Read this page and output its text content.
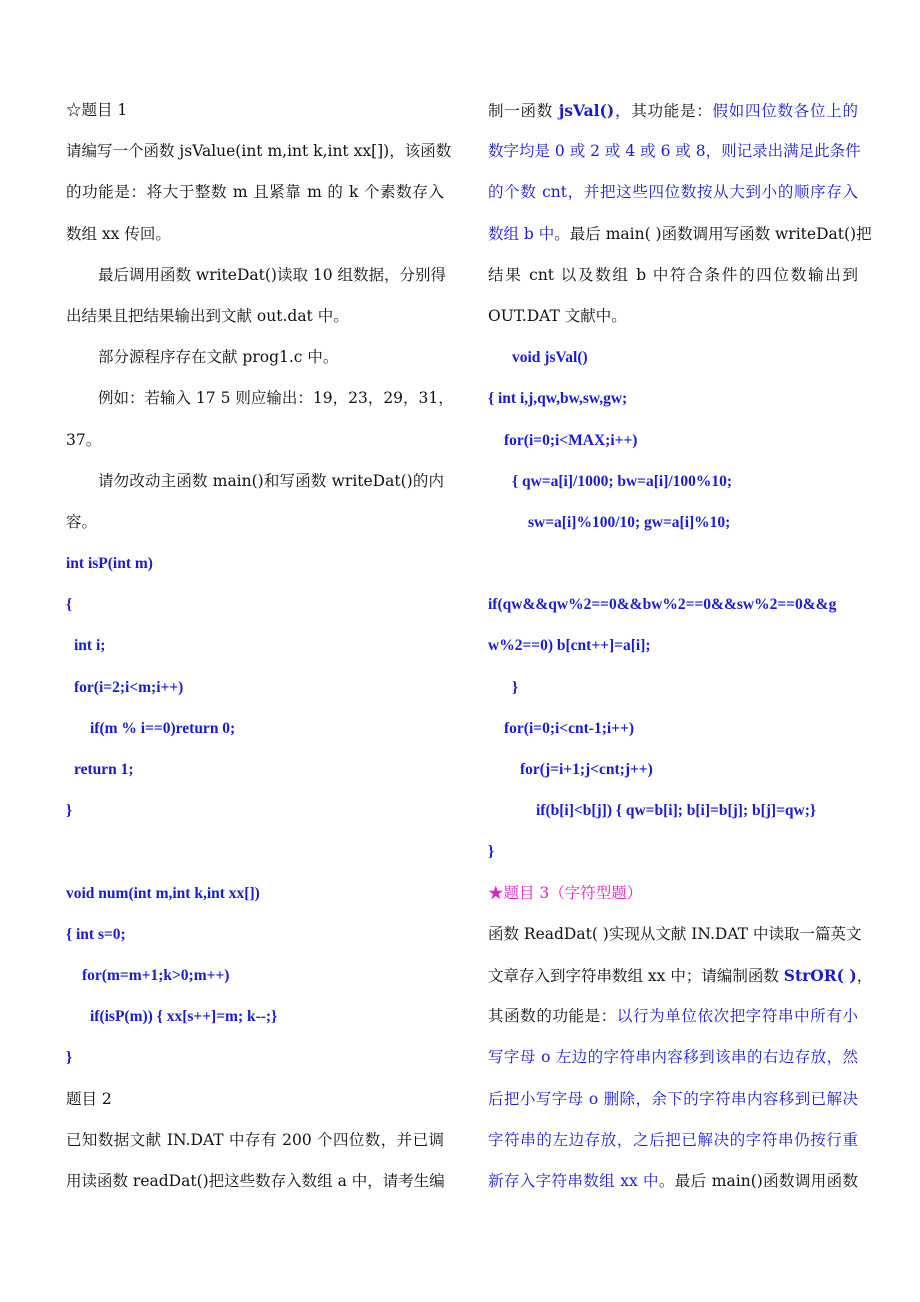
☆题目 1
请编写一个函数 jsValue(int m,int k,int xx[])，该函数
的功能是：将大于整数 m 且紧靠 m 的 k 个素数存入
数组 xx 传回。
最后调用函数 writeDat()读取 10 组数据，分别得
出结果且把结果输出到文献 out.dat 中。
部分源程序存在文献 prog1.c 中。
例如：若输入 17 5 则应输出：19，23，29，31，
37。
请勿改动主函数 main()和写函数 writeDat()的内
容。
int isP(int m)
{
int i;
for(i=2;i<m;i++)
if(m % i==0)return 0;
return 1;
}
void num(int m,int k,int xx[])
{ int s=0;
for(m=m+1;k>0;m++)
if(isP(m)) { xx[s++]=m; k--;}
}
题目 2
已知数据文献 IN.DAT 中存有 200 个四位数，并已调
用读函数 readDat()把这些数存入数组 a 中，请考生编
制一函数 jsVal()，其功能是：假如四位数各位上的
数字均是 0 或 2 或 4 或 6 或 8，则记录出满足此条件
的个数 cnt，并把这些四位数按从大到小的顺序存入
数组 b 中。最后 main( )函数调用写函数 writeDat()把
结果 cnt 以及数组 b 中符合条件的四位数输出到
OUT.DAT 文献中。
void jsVal()
{ int i,j,qw,bw,sw,gw;
for(i=0;i<MAX;i++)
{ qw=a[i]/1000; bw=a[i]/100%10;
sw=a[i]%100/10; gw=a[i]%10;
if(qw&&qw%2==0&&bw%2==0&&sw%2==0&&g
w%2==0) b[cnt++]=a[i];
}
for(i=0;i<cnt-1;i++)
for(j=i+1;j<cnt;j++)
if(b[i]<b[j]) { qw=b[i]; b[i]=b[j]; b[j]=qw;}
}
★题目 3（字符型题）
函数 ReadDat( )实现从文献 IN.DAT 中读取一篇英文
文章存入到字符串数组 xx 中；请编制函数 StrOR( )，
其函数的功能是：以行为单位依次把字符串中所有小
写字母 o 左边的字符串内容移到该串的右边存放，然
后把小写字母 o 删除，余下的字符串内容移到已解决
字符串的左边存放，之后把已解决的字符串仍按行重
新存入字符串数组 xx 中。最后 main()函数调用函数
